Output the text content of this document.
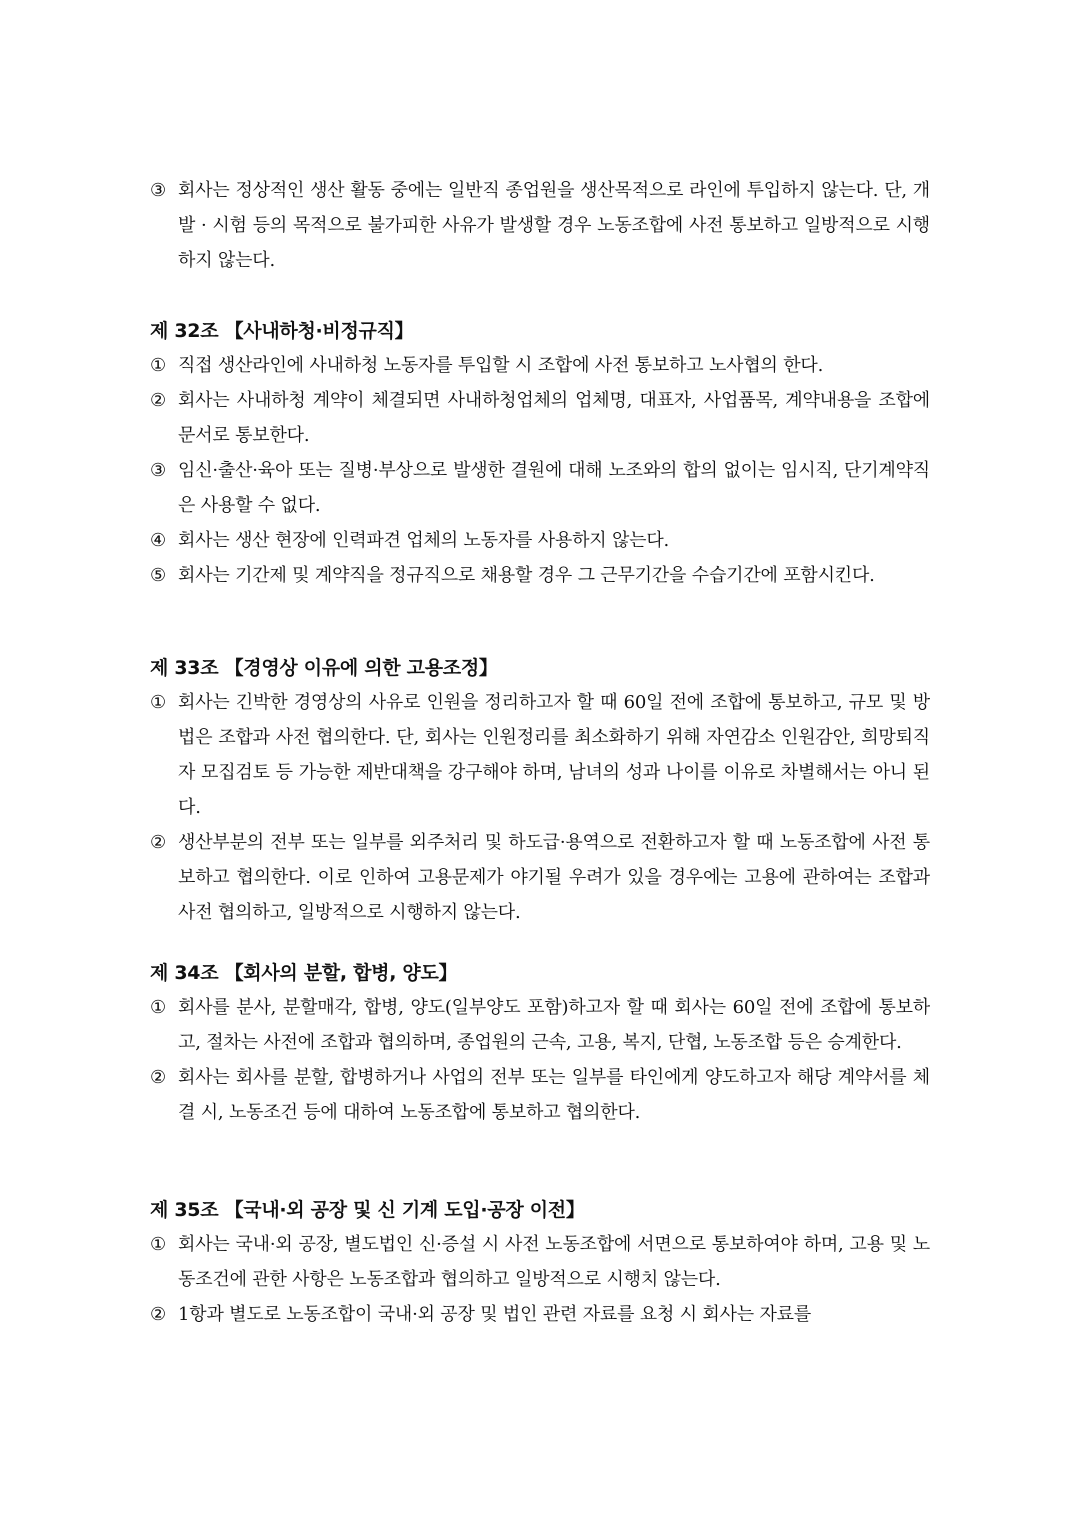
③ 회사는 정상적인 생산 활동 중에는 일반직 종업원을 생산목적으로 라인에 투입하지 않는다. 단, 개발 · 시험 등의 목적으로 불가피한 사유가 발생할 경우 노동조합에 사전 통보하고 일방적으로 시행하지 않는다.
제 32조 【사내하청·비정규직】
① 직접 생산라인에 사내하청 노동자를 투입할 시 조합에 사전 통보하고 노사협의 한다.
② 회사는 사내하청 계약이 체결되면 사내하청업체의 업체명, 대표자, 사업품목, 계약내용을 조합에 문서로 통보한다.
③ 임신·출산·육아 또는 질병·부상으로 발생한 결원에 대해 노조와의 합의 없이는 임시직, 단기계약직은 사용할 수 없다.
④ 회사는 생산 현장에 인력파견 업체의 노동자를 사용하지 않는다.
⑤ 회사는 기간제 및 계약직을 정규직으로 채용할 경우 그 근무기간을 수습기간에 포함시킨다.
제 33조 【경영상 이유에 의한 고용조정】
① 회사는 긴박한 경영상의 사유로 인원을 정리하고자 할 때 60일 전에 조합에 통보하고, 규모 및 방법은 조합과 사전 협의한다. 단, 회사는 인원정리를 최소화하기 위해 자연감소 인원감안, 희망퇴직자 모집검토 등 가능한 제반대책을 강구해야 하며, 남녀의 성과 나이를 이유로 차별해서는 아니 된다.
② 생산부분의 전부 또는 일부를 외주처리 및 하도급·용역으로 전환하고자 할 때 노동조합에 사전 통보하고 협의한다. 이로 인하여 고용문제가 야기될 우려가 있을 경우에는 고용에 관하여는 조합과 사전 협의하고, 일방적으로 시행하지 않는다.
제 34조 【회사의 분할, 합병, 양도】
① 회사를 분사, 분할매각, 합병, 양도(일부양도 포함)하고자 할 때 회사는 60일 전에 조합에 통보하고, 절차는 사전에 조합과 협의하며, 종업원의 근속, 고용, 복지, 단협, 노동조합 등은 승계한다.
② 회사는 회사를 분할, 합병하거나 사업의 전부 또는 일부를 타인에게 양도하고자 해당 계약서를 체결 시, 노동조건 등에 대하여 노동조합에 통보하고 협의한다.
제 35조 【국내·외 공장 및 신 기계 도입·공장 이전】
① 회사는 국내·외 공장, 별도법인 신·증설 시 사전 노동조합에 서면으로 통보하여야 하며, 고용 및 노동조건에 관한 사항은 노동조합과 협의하고 일방적으로 시행치 않는다.
② 1항과 별도로 노동조합이 국내·외 공장 및 법인 관련 자료를 요청 시 회사는 자료를
